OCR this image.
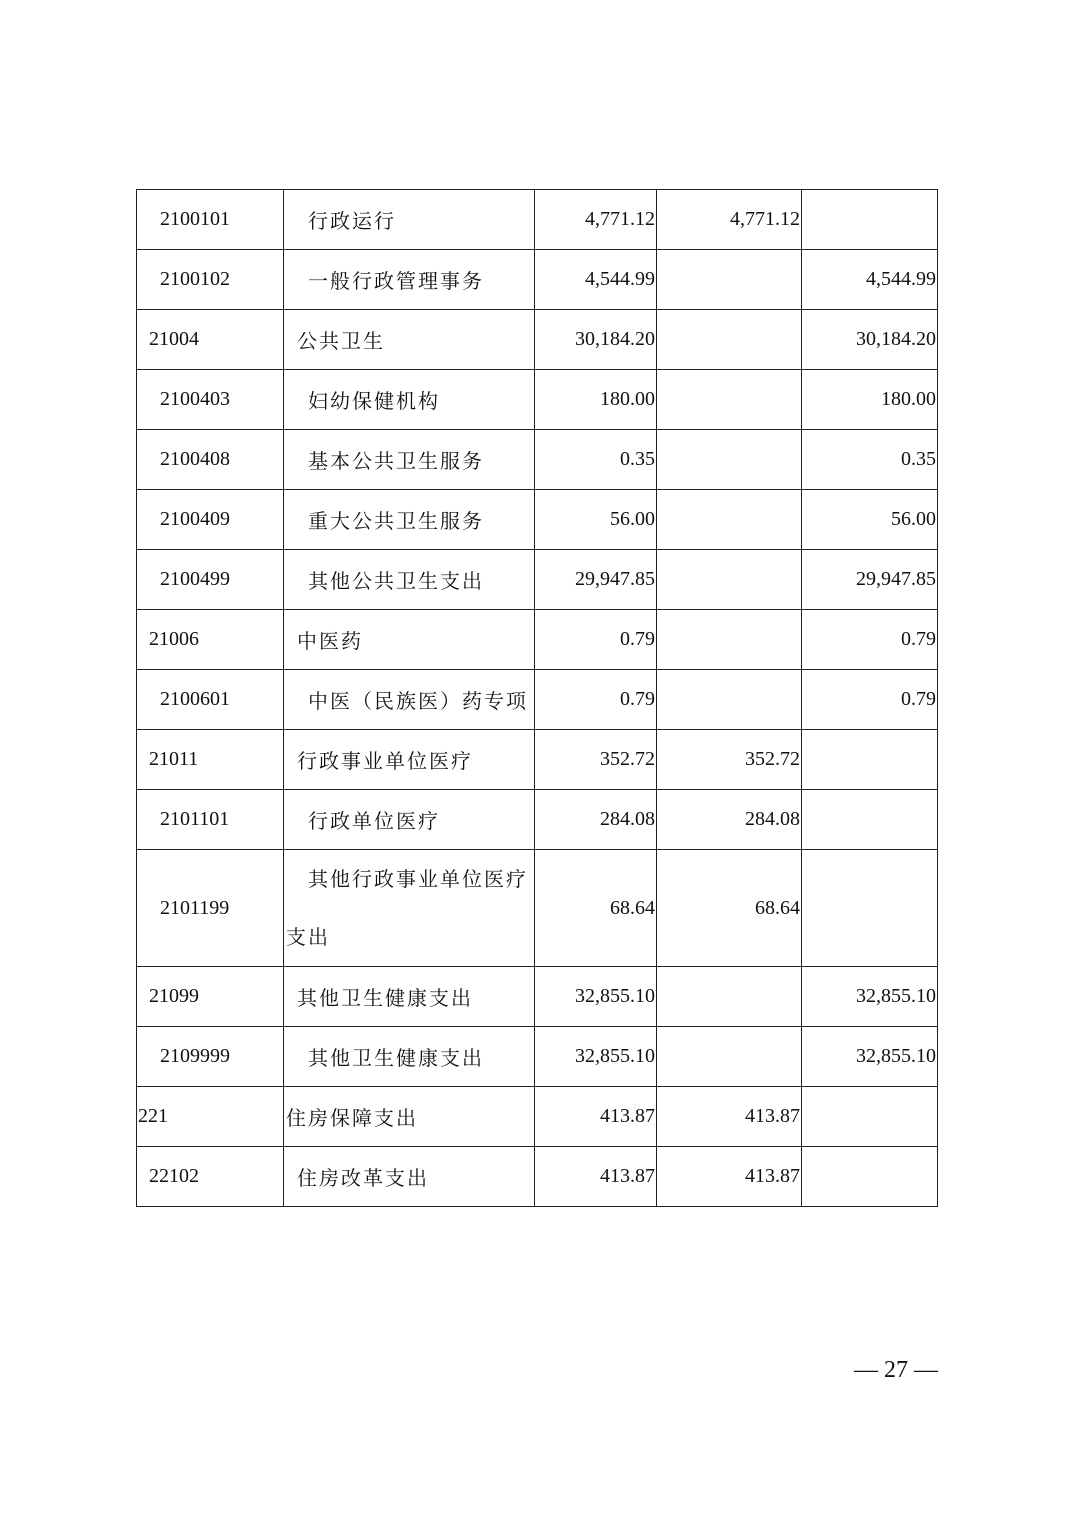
2100101	行政运行	4,771.12	4,771.12	
2100102	一般行政管理事务	4,544.99		4,544.99
21004	公共卫生	30,184.20		30,184.20
2100403	妇幼保健机构	180.00		180.00
2100408	基本公共卫生服务	0.35		0.35
2100409	重大公共卫生服务	56.00		56.00
2100499	其他公共卫生支出	29,947.85		29,947.85
21006	中医药	0.79		0.79
2100601	中医（民族医）药专项	0.79		0.79
21011	行政事业单位医疗	352.72	352.72	
2101101	行政单位医疗	284.08	284.08	
2101199	其他行政事业单位医疗支出	68.64	68.64	
21099	其他卫生健康支出	32,855.10		32,855.10
2109999	其他卫生健康支出	32,855.10		32,855.10
221	住房保障支出	413.87	413.87	
22102	住房改革支出	413.87	413.87	
— 27 —
